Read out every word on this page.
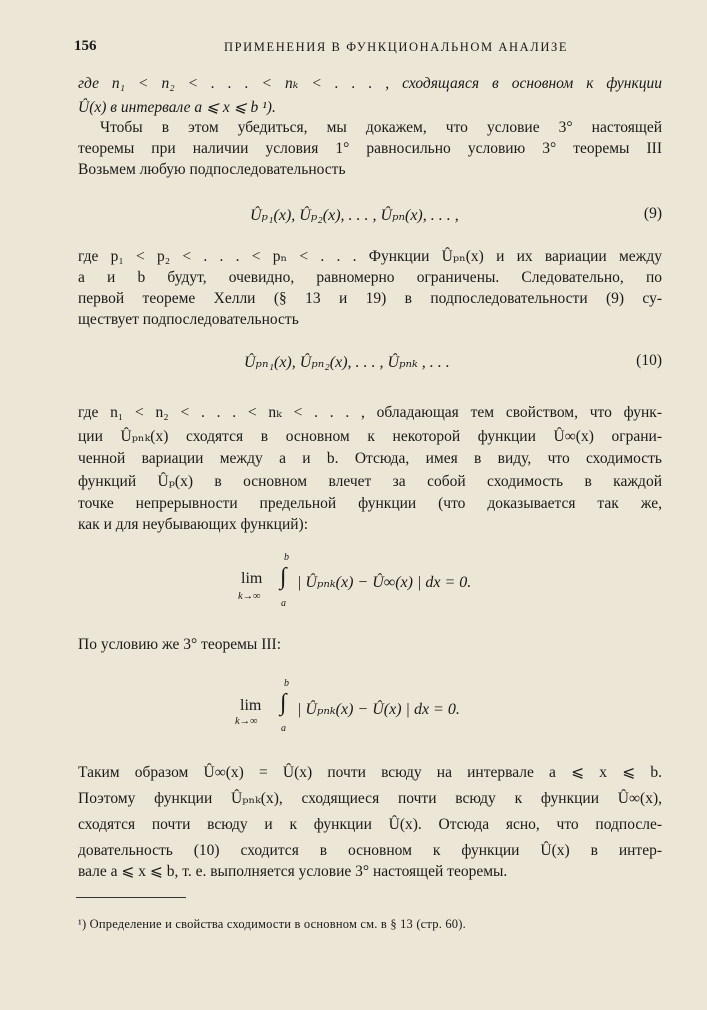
156	ПРИМЕНЕНИЯ В ФУНКЦИОНАЛЬНОМ АНАЛИЗЕ
где n₁ < n₂ < . . . < nₖ < . . . , сходящаяся в основном к функции
Û(x) в интервале a ⩽ x ⩽ b ¹).
Чтобы в этом убедиться, мы докажем, что условие 3° настоящей
теоремы при наличии условия 1° равносильно условию 3° теоремы III
Возьмем любую подпоследовательность
Ûₚ₁(x), Ûₚ₂(x), . . . , Ûₚₙ(x), . . . ,	(9)
где p₁ < p₂ < . . . < pₙ < . . . Функции Ûₚₙ(x) и их вариации между
a и b будут, очевидно, равномерно ограничены. Следовательно, по
первой теореме Хелли (§ 13 и 19) в подпоследовательности (9) су-
ществует подпоследовательность
Ûₚₙ₁(x), Ûₚₙ₂(x), . . . , Ûₚₙₖ , . . .	(10)
где n₁ < n₂ < . . . < nₖ < . . . , обладающая тем свойством, что функ-
ции Ûₚₙₖ(x) сходятся в основном к некоторой функции Û∞(x) ограни-
ченной вариации между a и b. Отсюда, имея в виду, что сходимость
функций Ûₚ(x) в основном влечет за собой сходимость в каждой
точке непрерывности предельной функции (что доказывается так же,
как и для неубывающих функций):
lim
k→∞
b
∫
a
| Ûₚₙₖ(x) − Û∞(x) | dx = 0.
По условию же 3° теоремы III:
lim
k→∞
b
∫
a
| Ûₚₙₖ(x) − Û(x) | dx = 0.
Таким образом Û∞(x) = Û(x) почти всюду на интервале a ⩽ x ⩽ b.
Поэтому функции Ûₚₙₖ(x), сходящиеся почти всюду к функции Û∞(x),
сходятся почти всюду и к функции Û(x). Отсюда ясно, что подпосле-
довательность (10) сходится в основном к функции Û(x) в интер-
вале a ⩽ x ⩽ b, т. е. выполняется условие 3° настоящей теоремы.
¹) Определение и свойства сходимости в основном см. в § 13 (стр. 60).
